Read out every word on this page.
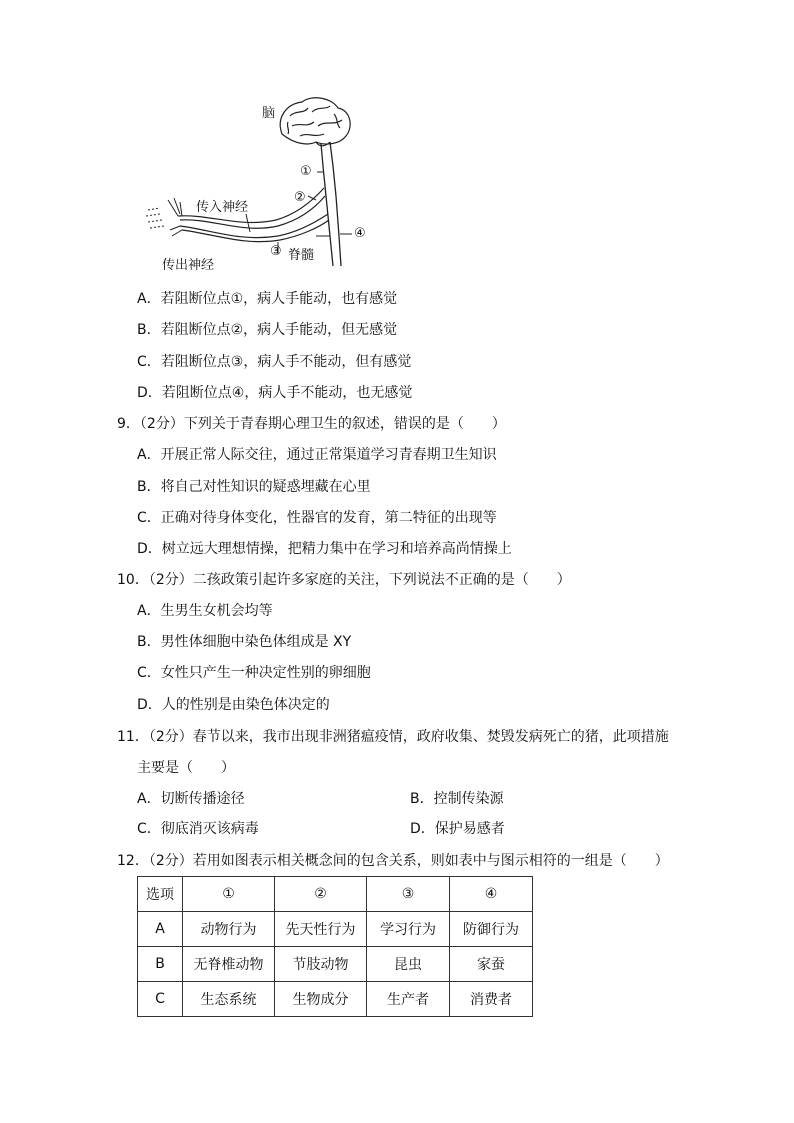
脑
①
②
传入神经
④
③ 脊髓
传出神经
A．若阻断位点①，病人手能动，也有感觉
B．若阻断位点②，病人手能动，但无感觉
C．若阻断位点③，病人手不能动，但有感觉
D．若阻断位点④，病人手不能动，也无感觉
9．（2分）下列关于青春期心理卫生的叙述，错误的是（　　）
A．开展正常人际交往，通过正常渠道学习青春期卫生知识
B．将自己对性知识的疑惑埋藏在心里
C．正确对待身体变化，性器官的发育，第二特征的出现等
D．树立远大理想情操，把精力集中在学习和培养高尚情操上
10．（2分）二孩政策引起许多家庭的关注，下列说法不正确的是（　　）
A．生男生女机会均等
B．男性体细胞中染色体组成是 XY
C．女性只产生一种决定性别的卵细胞
D．人的性别是由染色体决定的
11．（2分）春节以来，我市出现非洲猪瘟疫情，政府收集、焚毁发病死亡的猪，此项措施
主要是（　　）
A．切断传播途径	B．控制传染源
C．彻底消灭该病毒	D．保护易感者
12．（2分）若用如图表示相关概念间的包含关系，则如表中与图示相符的一组是（　　）
选项	①	②	③	④
A	动物行为	先天性行为	学习行为	防御行为
B	无脊椎动物	节肢动物	昆虫	家蚕
C	生态系统	生物成分	生产者	消费者
